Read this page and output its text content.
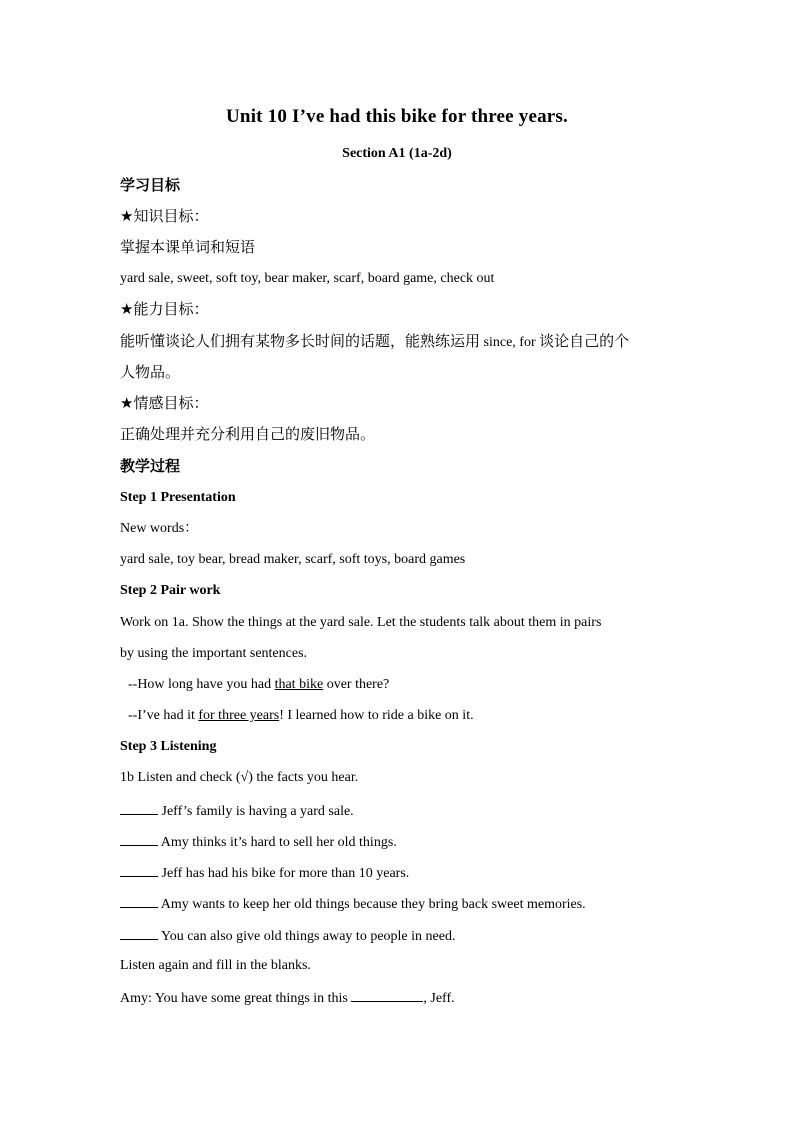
Unit 10 I’ve had this bike for three years.
Section A1 (1a-2d)
学习目标
★知识目标：
掌握本课单词和短语
yard sale, sweet, soft toy, bear maker, scarf, board game, check out
★能力目标：
能听懂谈论人们拥有某物多长时间的话题，能熟练运用 since, for 谈论自己的个
人物品。
★情感目标：
正确处理并充分利用自己的废旧物品。
教学过程
Step 1 Presentation
New words：
yard sale, toy bear, bread maker, scarf, soft toys, board games
Step 2 Pair work
Work on 1a. Show the things at the yard sale. Let the students talk about them in pairs
by using the important sentences.
--How long have you had that bike over there?
--I’ve had it for three years! I learned how to ride a bike on it.
Step 3 Listening
1b Listen and check (√) the facts you hear.
Jeff’s family is having a yard sale.
Amy thinks it’s hard to sell her old things.
Jeff has had his bike for more than 10 years.
Amy wants to keep her old things because they bring back sweet memories.
You can also give old things away to people in need.
Listen again and fill in the blanks.
Amy: You have some great things in this	, Jeff.
